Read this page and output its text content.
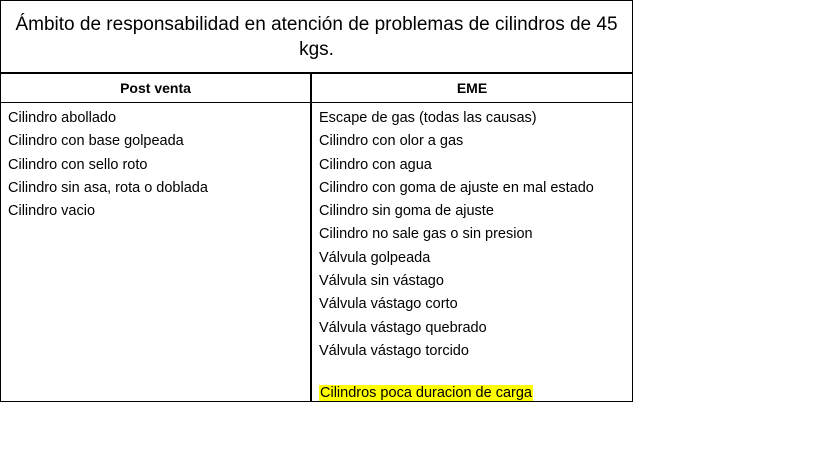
Ámbito de responsabilidad en atención de problemas de cilindros de 45 kgs.
Post venta	EME
Cilindro abollado
Cilindro con base golpeada
Cilindro con sello roto
Cilindro sin asa, rota o doblada
Cilindro vacio
Escape de gas (todas las causas)
Cilindro con olor a gas
Cilindro con agua
Cilindro con goma de ajuste en mal estado
Cilindro sin goma de ajuste
Cilindro no sale gas o sin presion
Válvula golpeada
Válvula sin vástago
Válvula vástago corto
Válvula vástago quebrado
Válvula vástago torcido
Cilindros poca duracion de carga
